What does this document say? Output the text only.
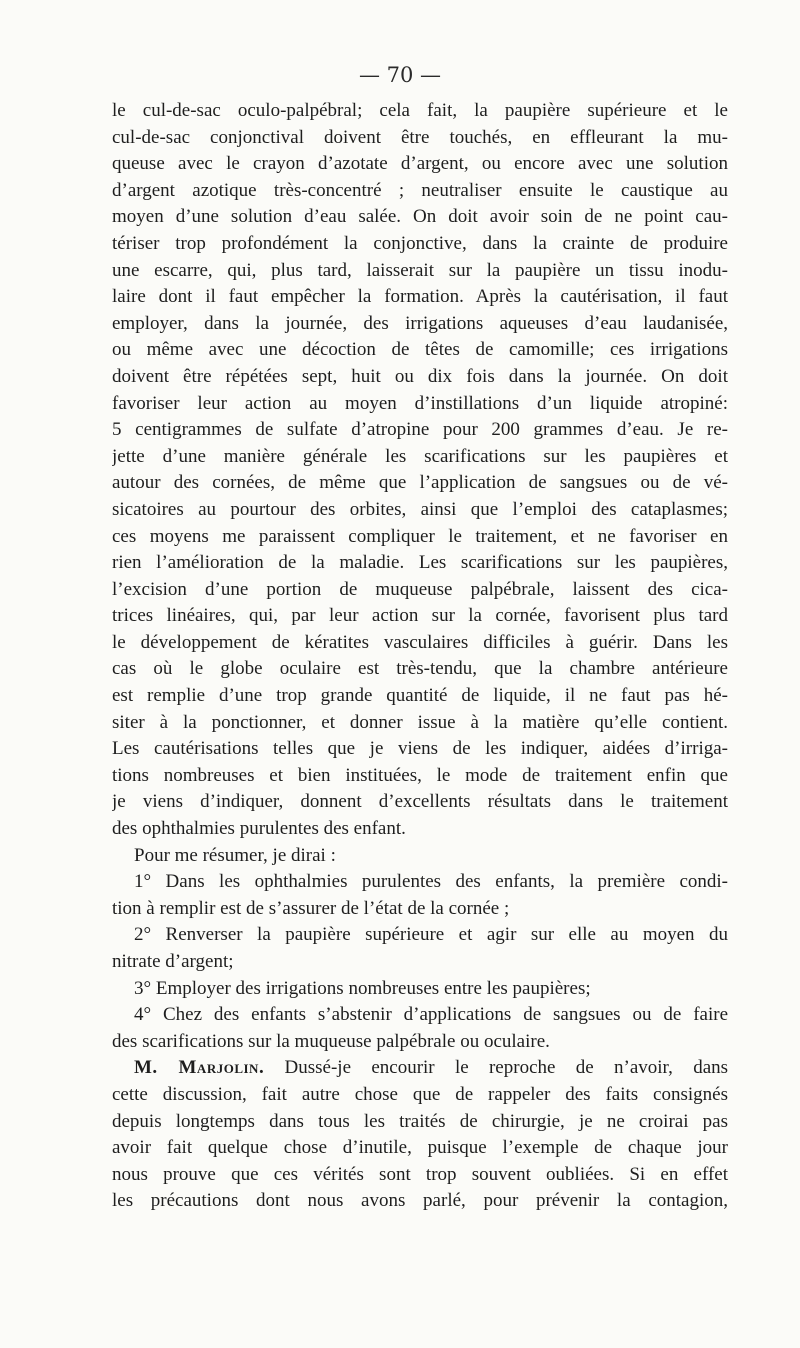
— 70 —
le cul-de-sac oculo-palpébral; cela fait, la paupière supérieure et le
cul-de-sac conjonctival doivent être touchés, en effleurant la mu-
queuse avec le crayon d’azotate d’argent, ou encore avec une solution
d’argent azotique très-concentré ; neutraliser ensuite le caustique au
moyen d’une solution d’eau salée. On doit avoir soin de ne point cau-
tériser trop profondément la conjonctive, dans la crainte de produire
une escarre, qui, plus tard, laisserait sur la paupière un tissu inodu-
laire dont il faut empêcher la formation. Après la cautérisation, il faut
employer, dans la journée, des irrigations aqueuses d’eau laudanisée,
ou même avec une décoction de têtes de camomille; ces irrigations
doivent être répétées sept, huit ou dix fois dans la journée. On doit
favoriser leur action au moyen d’instillations d’un liquide atropiné:
5 centigrammes de sulfate d’atropine pour 200 grammes d’eau. Je re-
jette d’une manière générale les scarifications sur les paupières et
autour des cornées, de même que l’application de sangsues ou de vé-
sicatoires au pourtour des orbites, ainsi que l’emploi des cataplasmes;
ces moyens me paraissent compliquer le traitement, et ne favoriser en
rien l’amélioration de la maladie. Les scarifications sur les paupières,
l’excision d’une portion de muqueuse palpébrale, laissent des cica-
trices linéaires, qui, par leur action sur la cornée, favorisent plus tard
le développement de kératites vasculaires difficiles à guérir. Dans les
cas où le globe oculaire est très-tendu, que la chambre antérieure
est remplie d’une trop grande quantité de liquide, il ne faut pas hé-
siter à la ponctionner, et donner issue à la matière qu’elle contient.
Les cautérisations telles que je viens de les indiquer, aidées d’irriga-
tions nombreuses et bien instituées, le mode de traitement enfin que
je viens d’indiquer, donnent d’excellents résultats dans le traitement
des ophthalmies purulentes des enfant.
Pour me résumer, je dirai :
1° Dans les ophthalmies purulentes des enfants, la première condi-
tion à remplir est de s’assurer de l’état de la cornée ;
2° Renverser la paupière supérieure et agir sur elle au moyen du
nitrate d’argent;
3° Employer des irrigations nombreuses entre les paupières;
4° Chez des enfants s’abstenir d’applications de sangsues ou de faire
des scarifications sur la muqueuse palpébrale ou oculaire.
M. Marjolin. Dussé-je encourir le reproche de n’avoir, dans
cette discussion, fait autre chose que de rappeler des faits consignés
depuis longtemps dans tous les traités de chirurgie, je ne croirai pas
avoir fait quelque chose d’inutile, puisque l’exemple de chaque jour
nous prouve que ces vérités sont trop souvent oubliées. Si en effet
les précautions dont nous avons parlé, pour prévenir la contagion,
